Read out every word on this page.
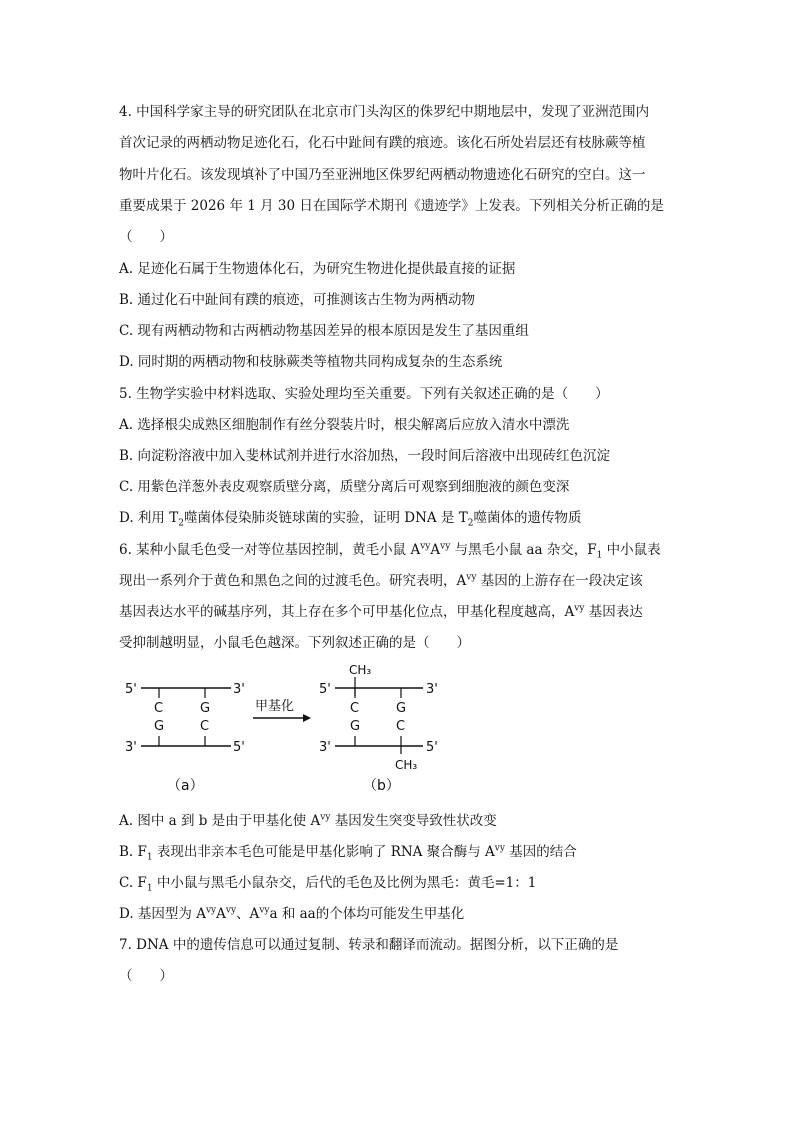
4. 中国科学家主导的研究团队在北京市门头沟区的侏罗纪中期地层中，发现了亚洲范围内
首次记录的两栖动物足迹化石，化石中趾间有蹼的痕迹。该化石所处岩层还有枝脉蕨等植
物叶片化石。该发现填补了中国乃至亚洲地区侏罗纪两栖动物遗迹化石研究的空白。这一
重要成果于 2026 年 1 月 30 日在国际学术期刊《遗迹学》上发表。下列相关分析正确的是
（　　）
A. 足迹化石属于生物遗体化石，为研究生物进化提供最直接的证据
B. 通过化石中趾间有蹼的痕迹，可推测该古生物为两栖动物
C. 现有两栖动物和古两栖动物基因差异的根本原因是发生了基因重组
D. 同时期的两栖动物和枝脉蕨类等植物共同构成复杂的生态系统
5. 生物学实验中材料选取、实验处理均至关重要。下列有关叙述正确的是（　　）
A. 选择根尖成熟区细胞制作有丝分裂装片时，根尖解离后应放入清水中漂洗
B. 向淀粉溶液中加入斐林试剂并进行水浴加热，一段时间后溶液中出现砖红色沉淀
C. 用紫色洋葱外表皮观察质壁分离，质壁分离后可观察到细胞液的颜色变深
D. 利用 $T_2$噬菌体侵染肺炎链球菌的实验，证明 DNA 是 $T_2$噬菌体的遗传物质
6. 某种小鼠毛色受一对等位基因控制，黄毛小鼠 $A^{vy}A^{vy}$ 与黑毛小鼠 aa 杂交，$F_1$ 中小鼠表
现出一系列介于黄色和黑色之间的过渡毛色。研究表明，$A^{vy}$ 基因的上游存在一段决定该
基因表达水平的碱基序列，其上存在多个可甲基化位点，甲基化程度越高，$A^{vy}$ 基因表达
受抑制越明显，小鼠毛色越深。下列叙述正确的是（　　）
5'	3'
C	G
G	C
3'	5'
（a）
甲基化
CH₃
5'	3'
C	G
G	C
3'	5'
CH₃
（b）
A. 图中 a 到 b 是由于甲基化使 $A^{vy}$ 基因发生突变导致性状改变
B. $F_1$ 表现出非亲本毛色可能是甲基化影响了 RNA 聚合酶与 $A^{vy}$ 基因的结合
C. $F_1$ 中小鼠与黑毛小鼠杂交，后代的毛色及比例为黑毛：黄毛=1：1
D. 基因型为 $A^{vy}A^{vy}$、$A^{vy}a$ 和 aa的个体均可能发生甲基化
7. DNA 中的遗传信息可以通过复制、转录和翻译而流动。据图分析，以下正确的是
（　　）
